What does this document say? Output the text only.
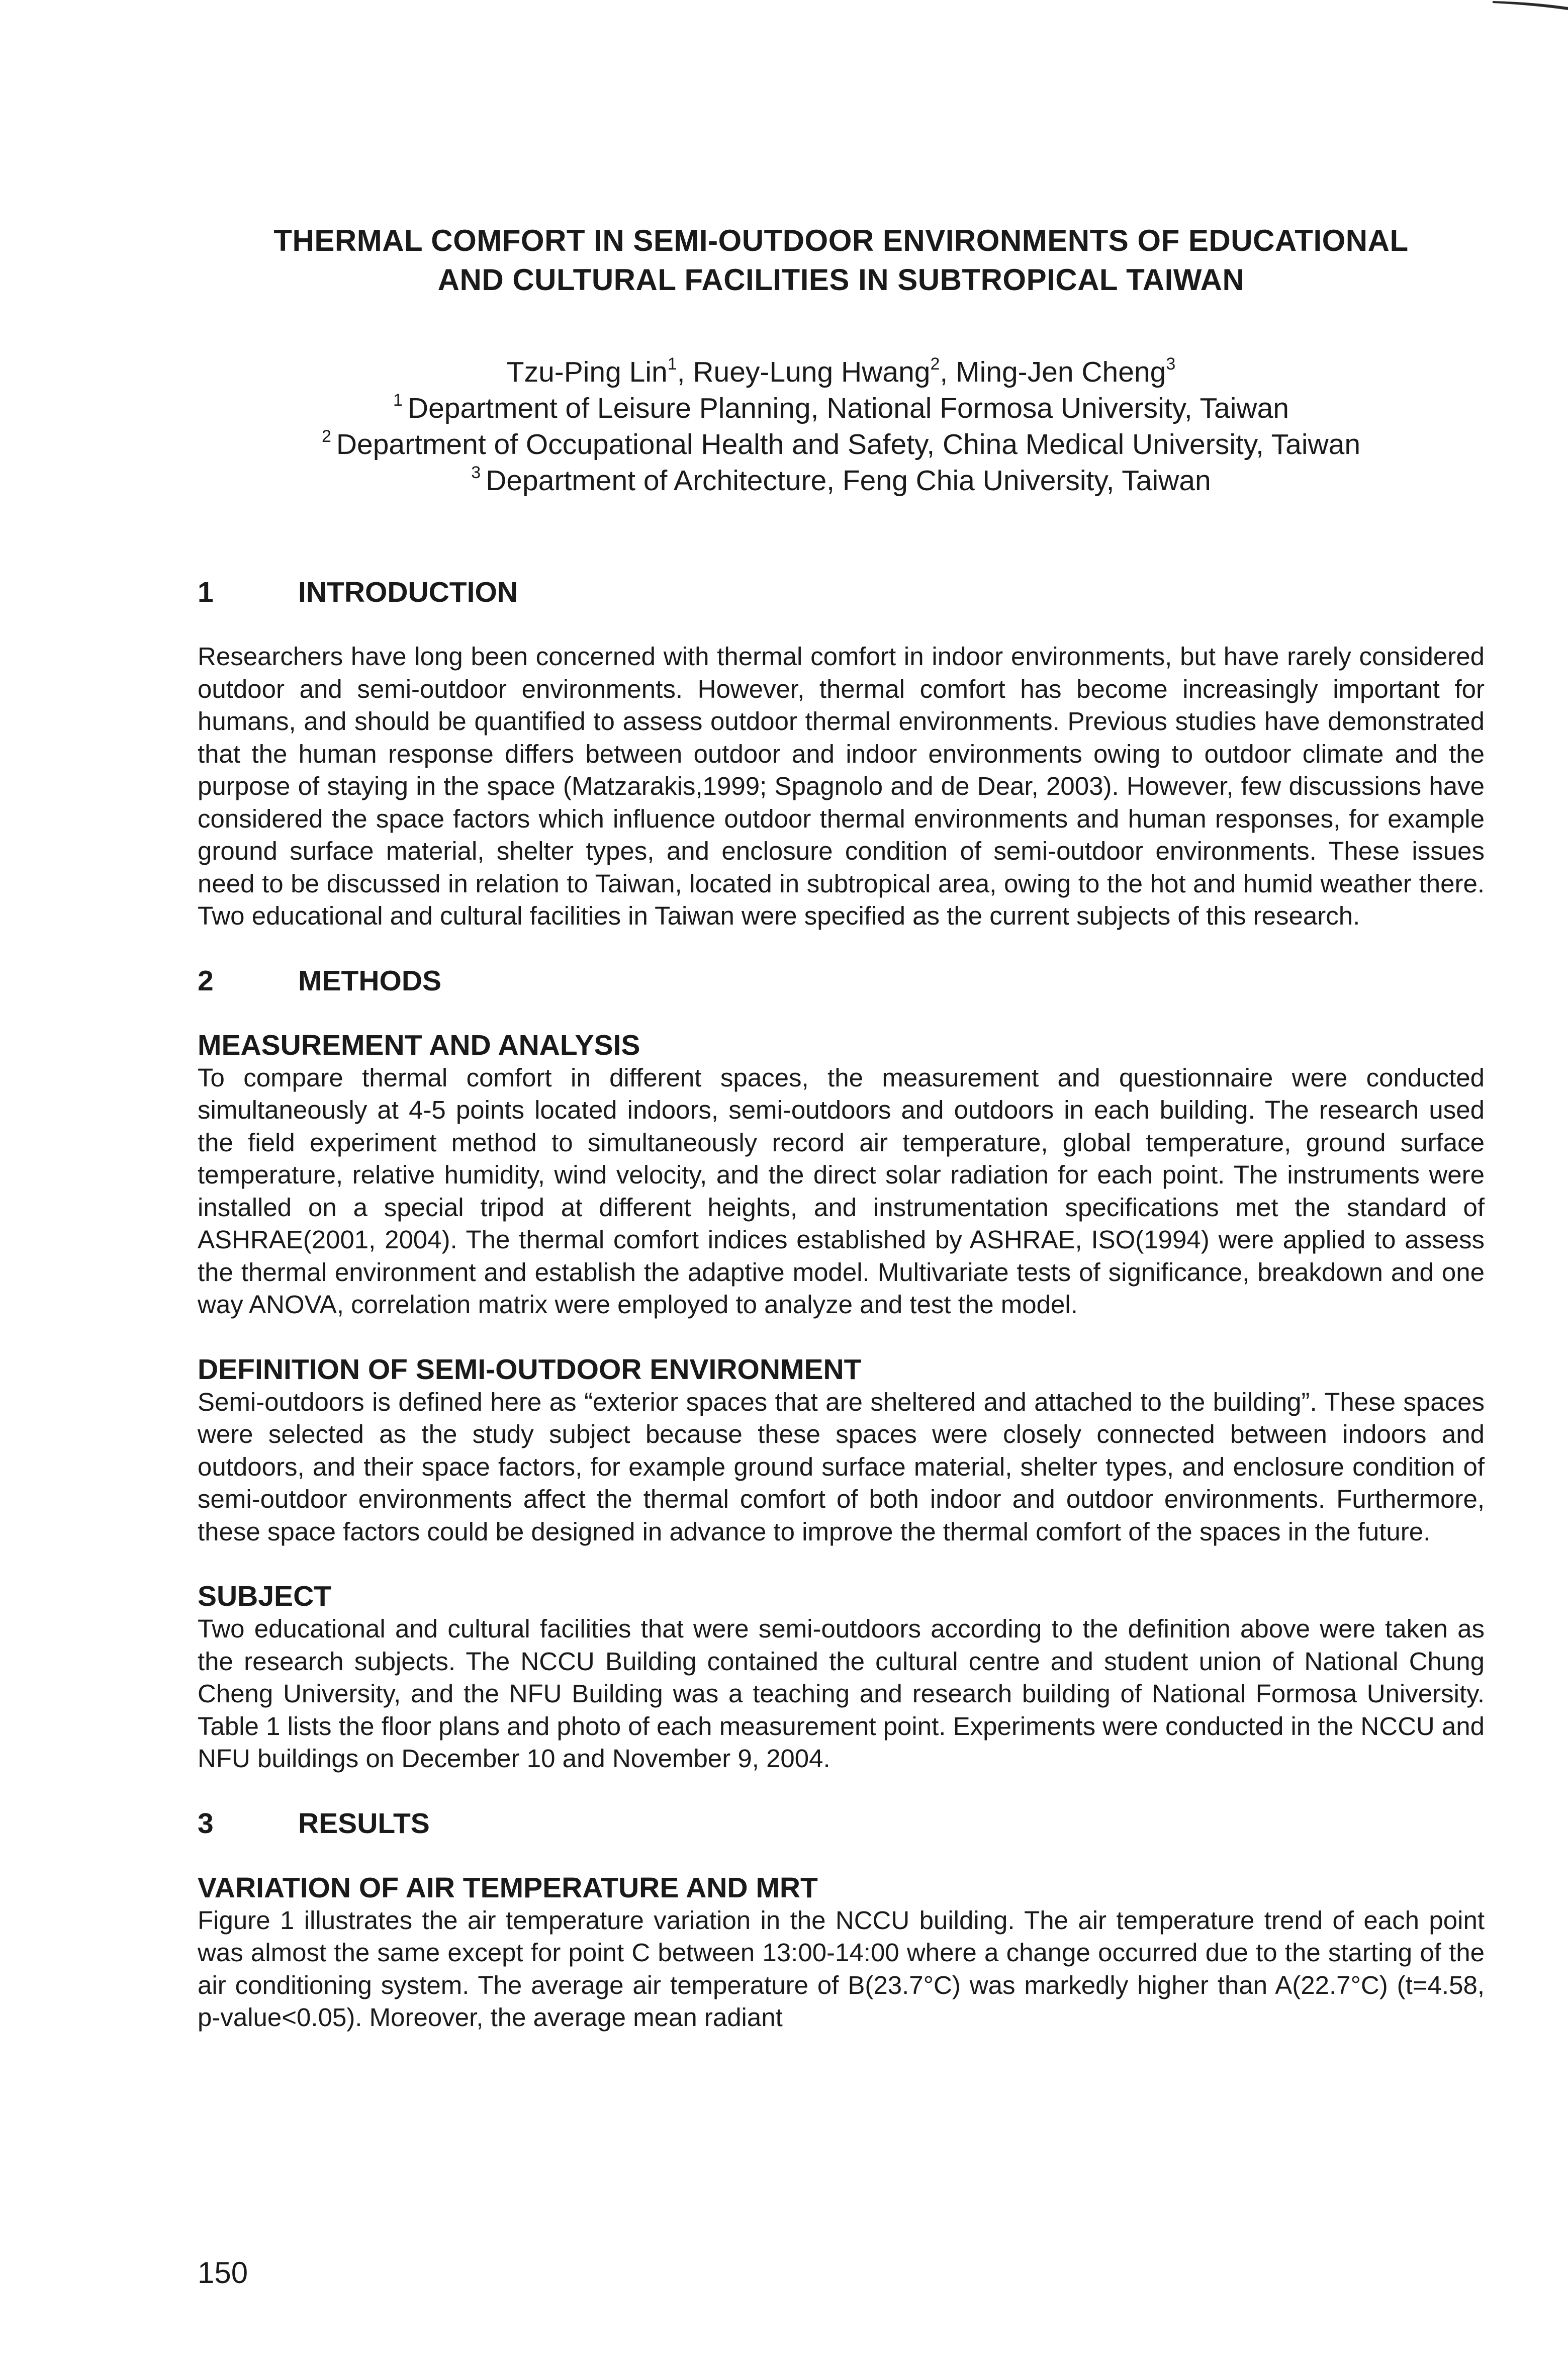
THERMAL COMFORT IN SEMI-OUTDOOR ENVIRONMENTS OF EDUCATIONAL
AND CULTURAL FACILITIES IN SUBTROPICAL TAIWAN
Tzu-Ping Lin$^1$, Ruey-Lung Hwang$^2$, Ming-Jen Cheng$^3$
$^1$ Department of Leisure Planning, National Formosa University, Taiwan
$^2$ Department of Occupational Health and Safety, China Medical University, Taiwan
$^3$ Department of Architecture, Feng Chia University, Taiwan
1	INTRODUCTION

Researchers have long been concerned with thermal comfort in indoor environments, but have rarely considered outdoor and semi-outdoor environments. However, thermal comfort has become increasingly important for humans, and should be quantified to assess outdoor thermal environments. Previous studies have demonstrated that the human response differs between outdoor and indoor environments owing to outdoor climate and the purpose of staying in the space (Matzarakis,1999; Spagnolo and de Dear, 2003). However, few discussions have considered the space factors which influence outdoor thermal environments and human responses, for example ground surface material, shelter types, and enclosure condition of semi-outdoor environments. These issues need to be discussed in relation to Taiwan, located in subtropical area, owing to the hot and humid weather there. Two educational and cultural facilities in Taiwan were specified as the current subjects of this research.

2	METHODS
MEASUREMENT AND ANALYSIS

To compare thermal comfort in different spaces, the measurement and questionnaire were conducted simultaneously at 4-5 points located indoors, semi-outdoors and outdoors in each building. The research used the field experiment method to simultaneously record air temperature, global temperature, ground surface temperature, relative humidity, wind velocity, and the direct solar radiation for each point. The instruments were installed on a special tripod at different heights, and instrumentation specifications met the standard of ASHRAE(2001, 2004). The thermal comfort indices established by ASHRAE, ISO(1994) were applied to assess the thermal environment and establish the adaptive model. Multivariate tests of significance, breakdown and one way ANOVA, correlation matrix were employed to analyze and test the model.

DEFINITION OF SEMI-OUTDOOR ENVIRONMENT

Semi-outdoors is defined here as “exterior spaces that are sheltered and attached to the building”. These spaces were selected as the study subject because these spaces were closely connected between indoors and outdoors, and their space factors, for example ground surface material, shelter types, and enclosure condition of semi-outdoor environments affect the thermal comfort of both indoor and outdoor environments. Furthermore, these space factors could be designed in advance to improve the thermal comfort of the spaces in the future.

SUBJECT

Two educational and cultural facilities that were semi-outdoors according to the definition above were taken as the research subjects. The NCCU Building contained the cultural centre and student union of National Chung Cheng University, and the NFU Building was a teaching and research building of National Formosa University. Table 1 lists the floor plans and photo of each measurement point. Experiments were conducted in the NCCU and NFU buildings on December 10 and November 9, 2004.

3	RESULTS
VARIATION OF AIR TEMPERATURE AND MRT

Figure 1 illustrates the air temperature variation in the NCCU building. The air temperature trend of each point was almost the same except for point C between 13:00-14:00 where a change occurred due to the starting of the air conditioning system. The average air temperature of B(23.7°C) was markedly higher than A(22.7°C) (t=4.58, p-value<0.05). Moreover, the average mean radiant

150
